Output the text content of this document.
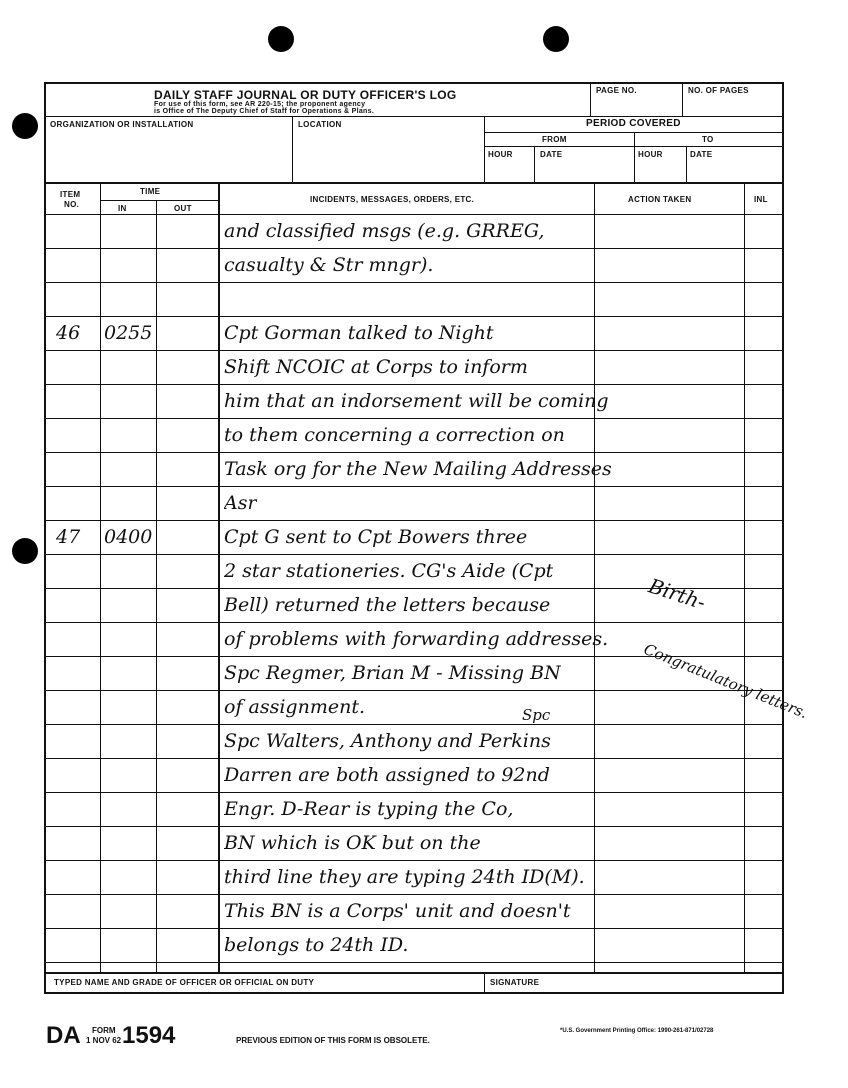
DAILY STAFF JOURNAL OR DUTY OFFICER'S LOG
For use of this form, see AR 220-15; the proponent agency
is Office of The Deputy Chief of Staff for Operations & Plans.
PAGE NO.	NO. OF PAGES
ORGANIZATION OR INSTALLATION	LOCATION	PERIOD COVERED
FROM	TO
HOUR	DATE	HOUR	DATE
ITEM
NO.
TIME
IN	OUT
INCIDENTS, MESSAGES, ORDERS, ETC.	ACTION TAKEN	INL
and classified msgs (e.g. GRREG,
casualty & Str mngr).
46 0255	Cpt Gorman talked to Night
Shift NCOIC at Corps to inform
him that an indorsement will be coming
to them concerning a correction on
Task org for the New Mailing Addresses
Asr
47 0400	Cpt G sent to Cpt Bowers three
2 star stationeries. CG's Aide (Cpt
Bell) returned the letters because
of problems with forwarding addresses.
Spc Regmer, Brian M - Missing BN
of assignment.
Spc Walters, Anthony and Perkins
Darren are both assigned to 92nd
Engr. D-Rear is typing the Co,
BN which is OK but on the
third line they are typing 24th ID(M).
This BN is a Corps' unit and doesn't
belongs to 24th ID.
TYPED NAME AND GRADE OF OFFICER OR OFFICIAL ON DUTY	SIGNATURE
Spc
Birth-
Congratulatory letters.
DA FORM
1 NOV 62 1594	PREVIOUS EDITION OF THIS FORM IS OBSOLETE.
*U.S. Government Printing Office: 1990-261-871/02728
